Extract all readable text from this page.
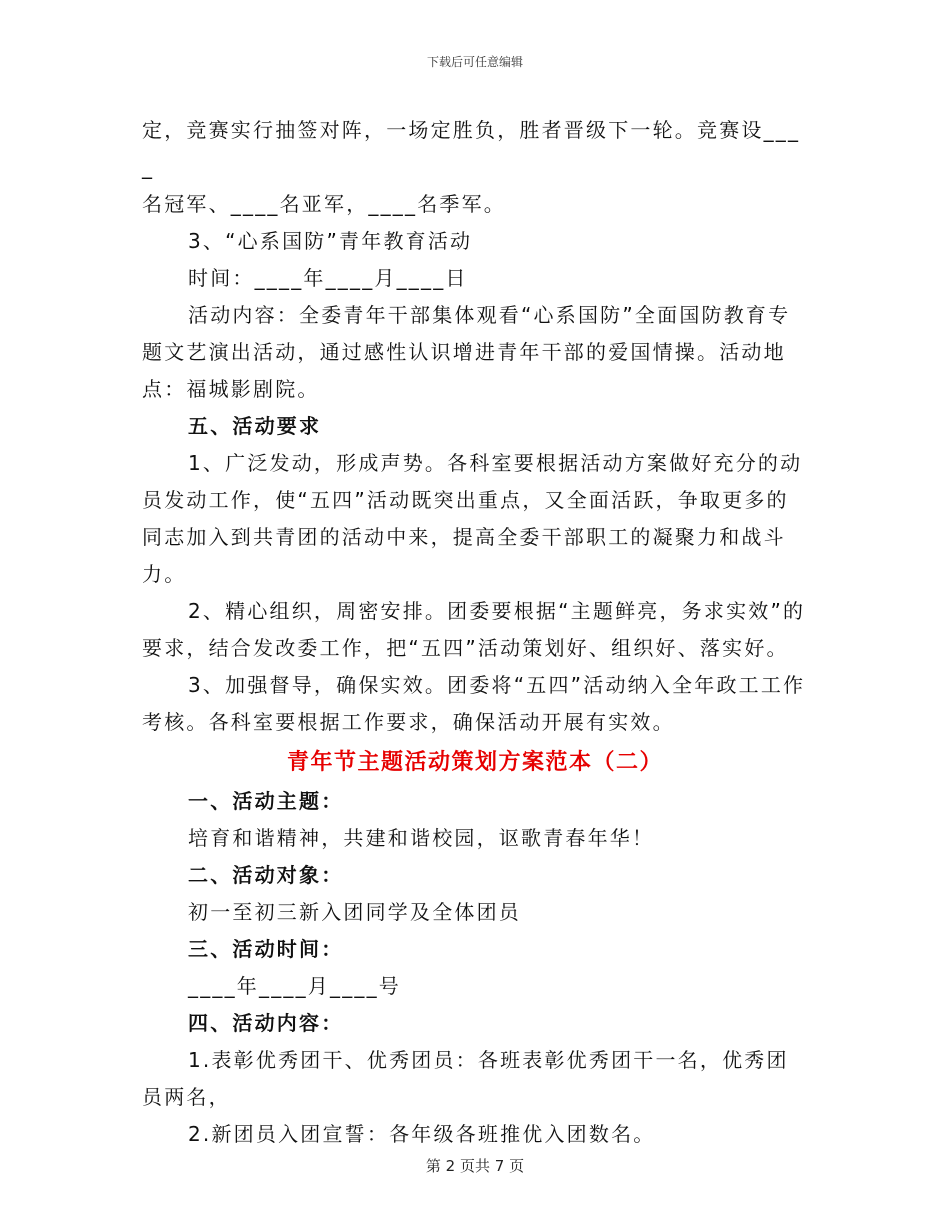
下载后可任意编辑

定，竞赛实行抽签对阵，一场定胜负，胜者晋级下一轮。竞赛设____

名冠军、____名亚军，____名季军。

3、“心系国防”青年教育活动

时间：____年____月____日

活动内容：全委青年干部集体观看“心系国防”全面国防教育专题文艺演出活动，通过感性认识增进青年干部的爱国情操。活动地点：福城影剧院。

五、活动要求

1、广泛发动，形成声势。各科室要根据活动方案做好充分的动员发动工作，使“五四”活动既突出重点，又全面活跃，争取更多的同志加入到共青团的活动中来，提高全委干部职工的凝聚力和战斗力。

2、精心组织，周密安排。团委要根据“主题鲜亮，务求实效”的要求，结合发改委工作，把“五四”活动策划好、组织好、落实好。

3、加强督导，确保实效。团委将“五四”活动纳入全年政工工作考核。各科室要根据工作要求，确保活动开展有实效。

青年节主题活动策划方案范本（二）

一、活动主题：

培育和谐精神，共建和谐校园，讴歌青春年华！

二、活动对象：

初一至初三新入团同学及全体团员

三、活动时间：

____年____月____号

四、活动内容：

1.表彰优秀团干、优秀团员：各班表彰优秀团干一名，优秀团员两名，

2.新团员入团宣誓：各年级各班推优入团数名。

第 2 页共 7 页
